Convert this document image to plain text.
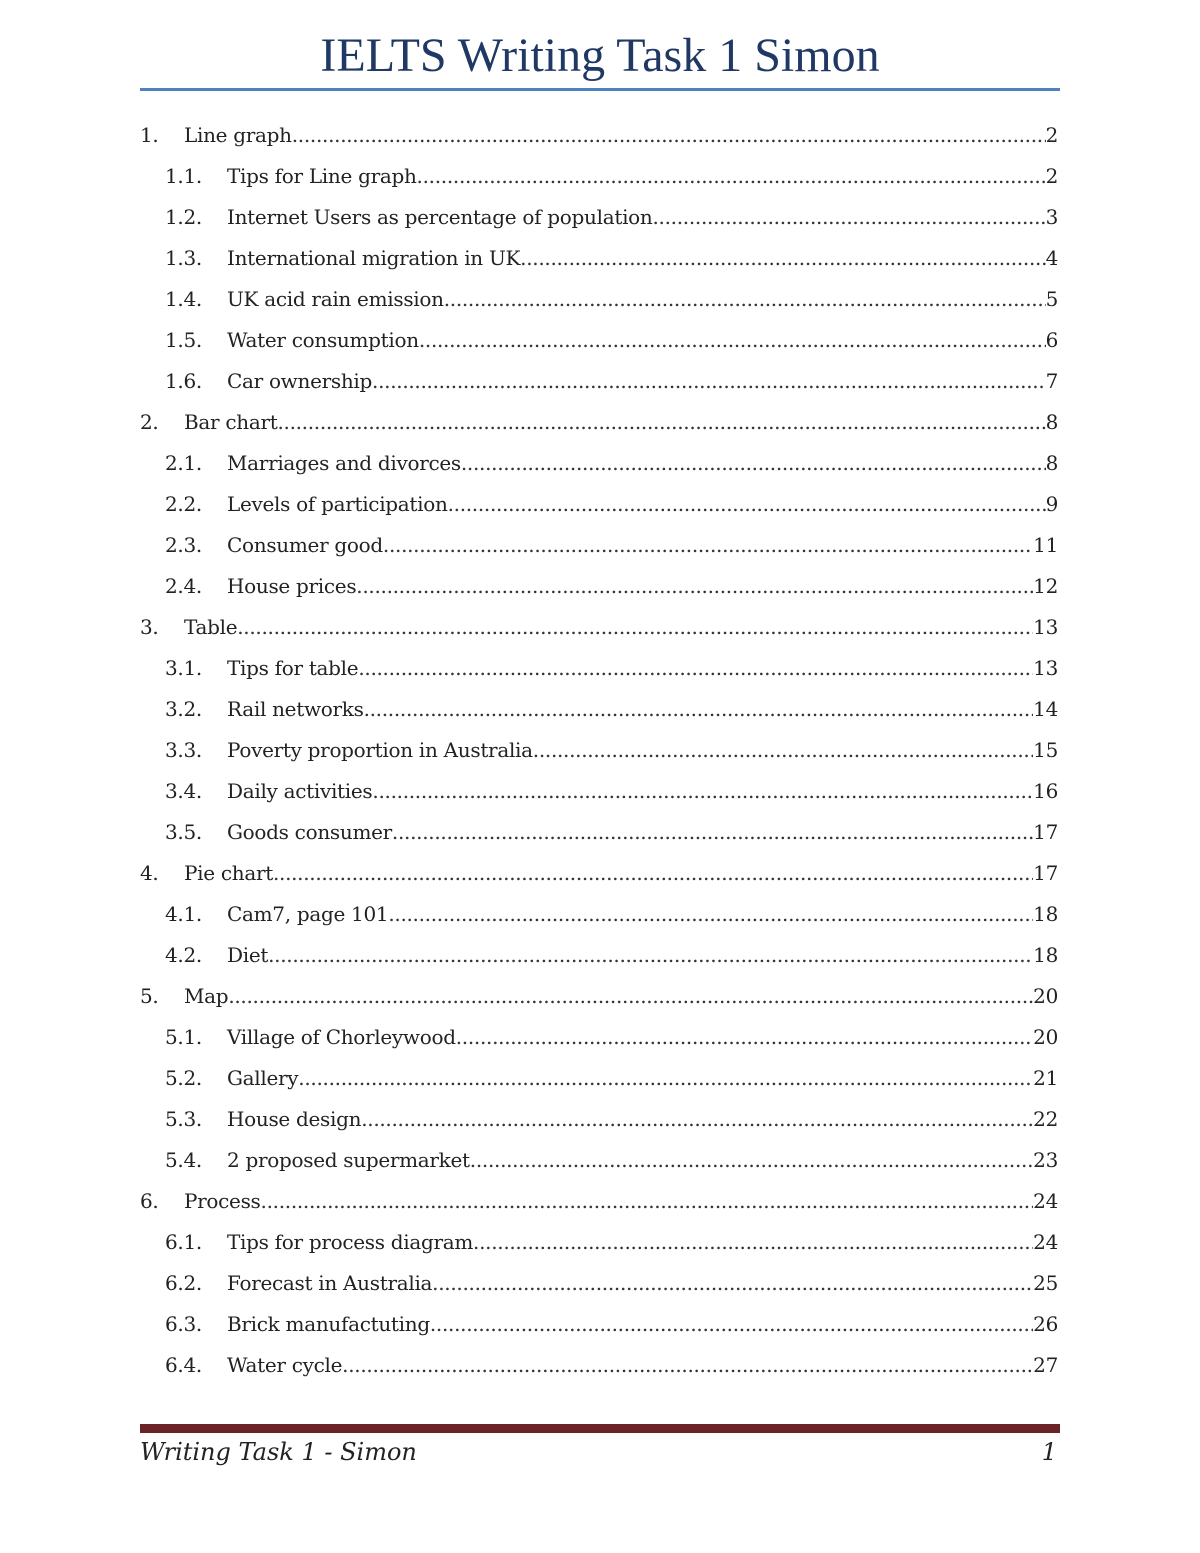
IELTS Writing Task 1 Simon
1.	Line graph .....	2
1.1.	Tips for Line graph .....	2
1.2.	Internet Users as percentage of population .....	3
1.3.	International migration in UK .....	4
1.4.	UK acid rain emission .....	5
1.5.	Water consumption .....	6
1.6.	Car ownership .....	7
2.	Bar chart .....	8
2.1.	Marriages and divorces .....	8
2.2.	Levels of participation .....	9
2.3.	Consumer good .....	11
2.4.	House prices .....	12
3.	Table .....	13
3.1.	Tips for table .....	13
3.2.	Rail networks .....	14
3.3.	Poverty proportion in Australia .....	15
3.4.	Daily activities .....	16
3.5.	Goods consumer .....	17
4.	Pie chart .....	17
4.1.	Cam7, page 101 .....	18
4.2.	Diet .....	18
5.	Map .....	20
5.1.	Village of Chorleywood .....	20
5.2.	Gallery .....	21
5.3.	House design .....	22
5.4.	2 proposed supermarket .....	23
6.	Process .....	24
6.1.	Tips for process diagram .....	24
6.2.	Forecast in Australia .....	25
6.3.	Brick manufactuting .....	26
6.4.	Water cycle .....	27
Writing Task 1 - Simon	1
